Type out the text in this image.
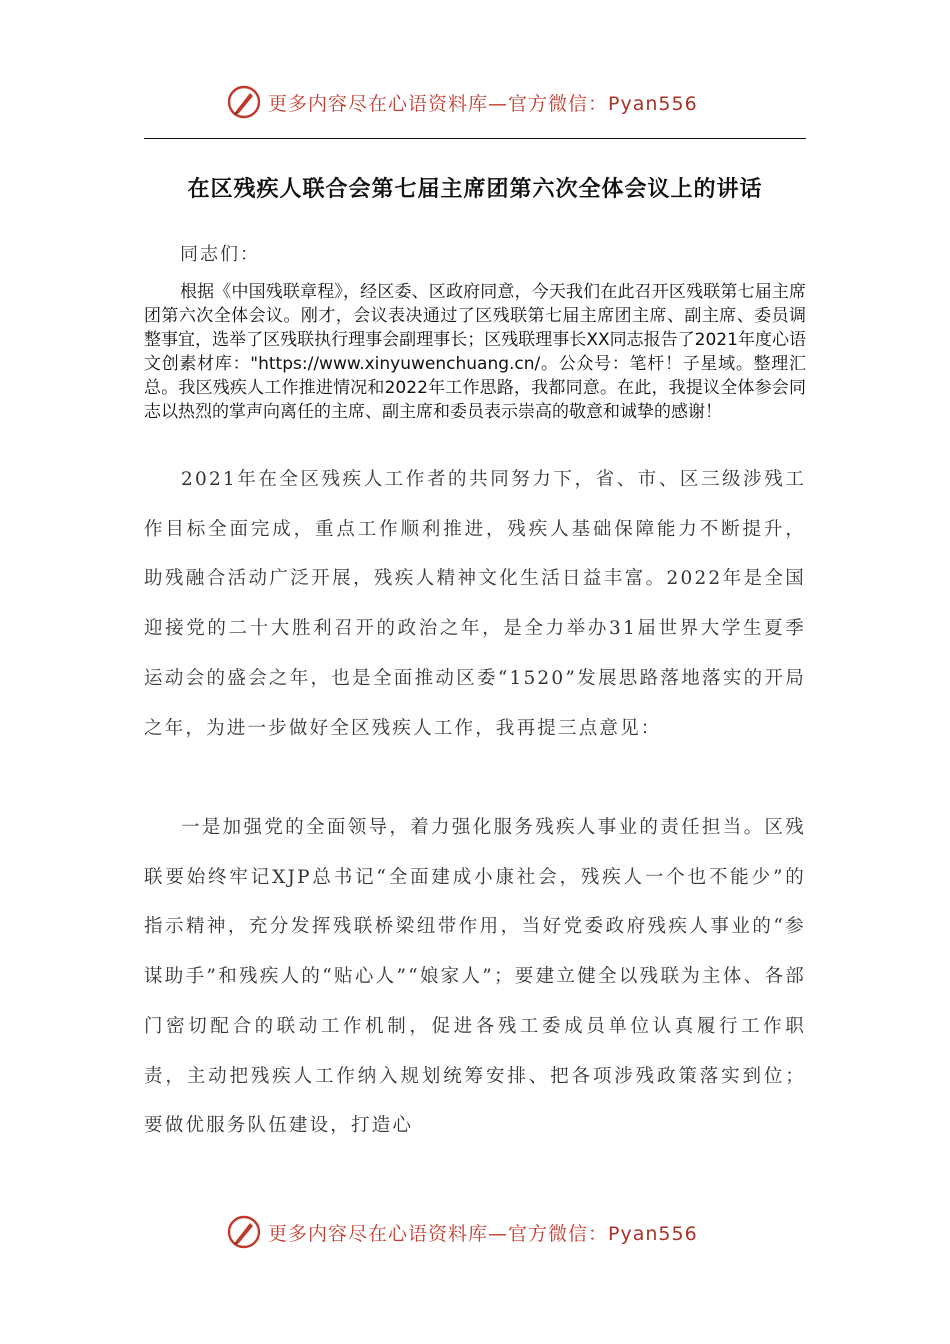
更多内容尽在心语资料库—官方微信：Pyan556
在区残疾人联合会第七届主席团第六次全体会议上的讲话

同志们：

根据《中国残联章程》，经区委、区政府同意，今天我们在此召开区残联第七届主席团第六次全体会议。刚才，会议表决通过了区残联第七届主席团主席、副主席、委员调整事宜，选举了区残联执行理事会副理事长；区残联理事长XX同志报告了2021年度心语文创素材库："https://www.xinyuwenchuang.cn/。公众号：笔杆！子星域。整理汇总。我区残疾人工作推进情况和2022年工作思路，我都同意。在此，我提议全体参会同志以热烈的掌声向离任的主席、副主席和委员表示崇高的敬意和诚挚的感谢！

2021年在全区残疾人工作者的共同努力下，省、市、区三级涉残工作目标全面完成，重点工作顺利推进，残疾人基础保障能力不断提升，助残融合活动广泛开展，残疾人精神文化生活日益丰富。2022年是全国迎接党的二十大胜利召开的政治之年，是全力举办31届世界大学生夏季运动会的盛会之年，也是全面推动区委“1520”发展思路落地落实的开局之年，为进一步做好全区残疾人工作，我再提三点意见：

一是加强党的全面领导，着力强化服务残疾人事业的责任担当。区残联要始终牢记XJP总书记“全面建成小康社会，残疾人一个也不能少”的指示精神，充分发挥残联桥梁纽带作用，当好党委政府残疾人事业的“参谋助手”和残疾人的“贴心人”“娘家人”；要建立健全以残联为主体、各部门密切配合的联动工作机制，促进各残工委成员单位认真履行工作职责，主动把残疾人工作纳入规划统筹安排、把各项涉残政策落实到位；要做优服务队伍建设，打造心

更多内容尽在心语资料库—官方微信：Pyan556
